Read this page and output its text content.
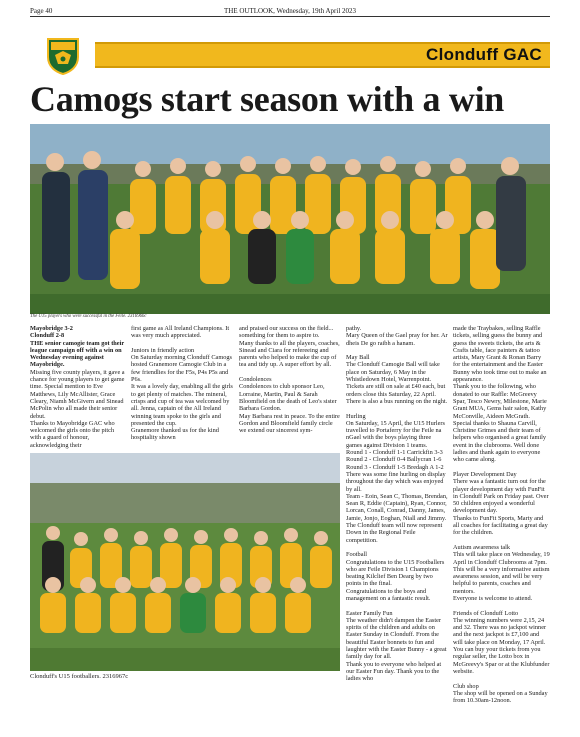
Page 40	THE OUTLOOK, Wednesday, 19th April 2023
Clonduff GAC
Camogs start season with a win
The U15 players who were successful in the Feile. 2316966c
Clonduff's U15 footballers. 2316967c

Mayobridge 3-2

Clonduff 2-8

THE senior camogie team got their league campaign off with a win on Wednesday evening against Mayobridge.

Missing five county players, it gave a chance for young players to get game time. Special mention to Eve Matthews, Lily McAllister, Grace Cleary, Niamh McGivern and Sinead McPolin who all made their senior debut.

Thanks to Mayobridge GAC who welcomed the girls onto the pitch with a guard of honour, acknowledging their

first game as All Ireland Champions. It was very much appreciated.

Juniors in friendly action

On Saturday morning Clonduff Camogs hosted Granemore Camogie Club in a few friendlies for the F5s, P4s P5s and P6s.

It was a lovely day, enabling all the girls to get plenty of matches. The mineral, crisps and cup of tea was welcomed by all. Jenna, captain of the All Ireland winning team spoke to the girls and presented the cup.

Granemore thanked us for the kind hospitality shown

and praised our success on the field... something for them to aspire to.

Many thanks to all the players, coaches, Sinead and Ciara for refereeing and parents who helped to make the cup of tea and tidy up. A super effort by all.

Condolences

Condolences to club sponsor Leo, Lorraine, Martin, Paul & Sarah Bloomfield on the death of Leo's sister Barbara Gordon.

May Barbara rest in peace. To the entire Gordon and Bloomfield family circle we extend our sincerest sym-

pathy.

Mary Queen of the Gael pray for her. Ar dheis De go raibh a hanam.

May Ball

The Clonduff Camogie Ball will take place on Saturday, 6 May in the Whistledown Hotel, Warrenpoint.

Tickets are still on sale at £40 each, but orders close this Saturday, 22 April.

There is also a bus running on the night.

Hurling

On Saturday, 15 April, the U15 Hurlers travelled to Portaferry for the Feile na nGael with the boys playing three games against Division 1 teams.

Round 1 - Clonduff 1-1 Carrickfin 3-3

Round 2 - Clonduff 0-4 Ballycran 1-6

Round 3 - Clonduff 1-5 Bredagh A 1-2

There was some fine hurling on display throughout the day which was enjoyed by all.

Team - Eoin, Sean C, Thomas, Brendan, Sean R, Eddie (Captain), Ryan, Connor, Lorcan, Conall, Conrad, Danny, James, Jamie, Jonjo, Eoghan, Niall and Jimmy.

The Clonduff team will now represent Down in the Regional Feile competition.

Football

Congratulations to the U15 Footballers who are Feile Division 1 Champions beating Kilclief Ben Dearg by two points in the final.

Congratulations to the boys and management on a fantastic result.

Easter Family Fun

The weather didn't dampen the Easter spirits of the children and adults on Easter Sunday in Clonduff. From the beautiful Easter bonnets to fun and laughter with the Easter Bunny - a great family day for all.

Thank you to everyone who helped at our Easter Fun day. Thank you to the ladies who

made the Traybakes, selling Raffle tickets, selling guess the bunny and guess the sweets tickets, the arts & Crafts table, face painters & tattoo artists, Mary Grant & Ronan Barry for the entertainment and the Easter Bunny who took time out to make an appearance.

Thank you to the following, who donated to our Raffle: McGreevy Spar, Tesco Newry, Milestone, Marie Grant MUA, Gems hair salon, Kathy McConville, Aideen McGrath.

Special thanks to Shauna Carvill, Christine Grimes and their team of helpers who organised a great family event in the clubrooms. Well done ladies and thank again to everyone who came along.

Player Development Day

There was a fantastic turn out for the player development day with FunFit in Clonduff Park on Friday past. Over 50 children enjoyed a wonderful development day.

Thanks to FunFit Sports, Marty and all coaches for facilitating a great day for the children.

Autism awareness talk

This will take place on Wednesday, 19 April in Clonduff Clubrooms at 7pm.

This will be a very informative autism awareness session, and will be very helpful to parents, coaches and mentors.

Everyone is welcome to attend.

Friends of Clonduff Lotto

The winning numbers were 2,15, 24 and 32. There was no jackpot winner and the next jackpot is £7,100 and will take place on Monday, 17 April.

You can buy your tickets from you regular seller, the Lotto box in McGreevy's Spar or at the Klubfunder website.

Club shop

The shop will be opened on a Sunday from 10.30am-12noon.
